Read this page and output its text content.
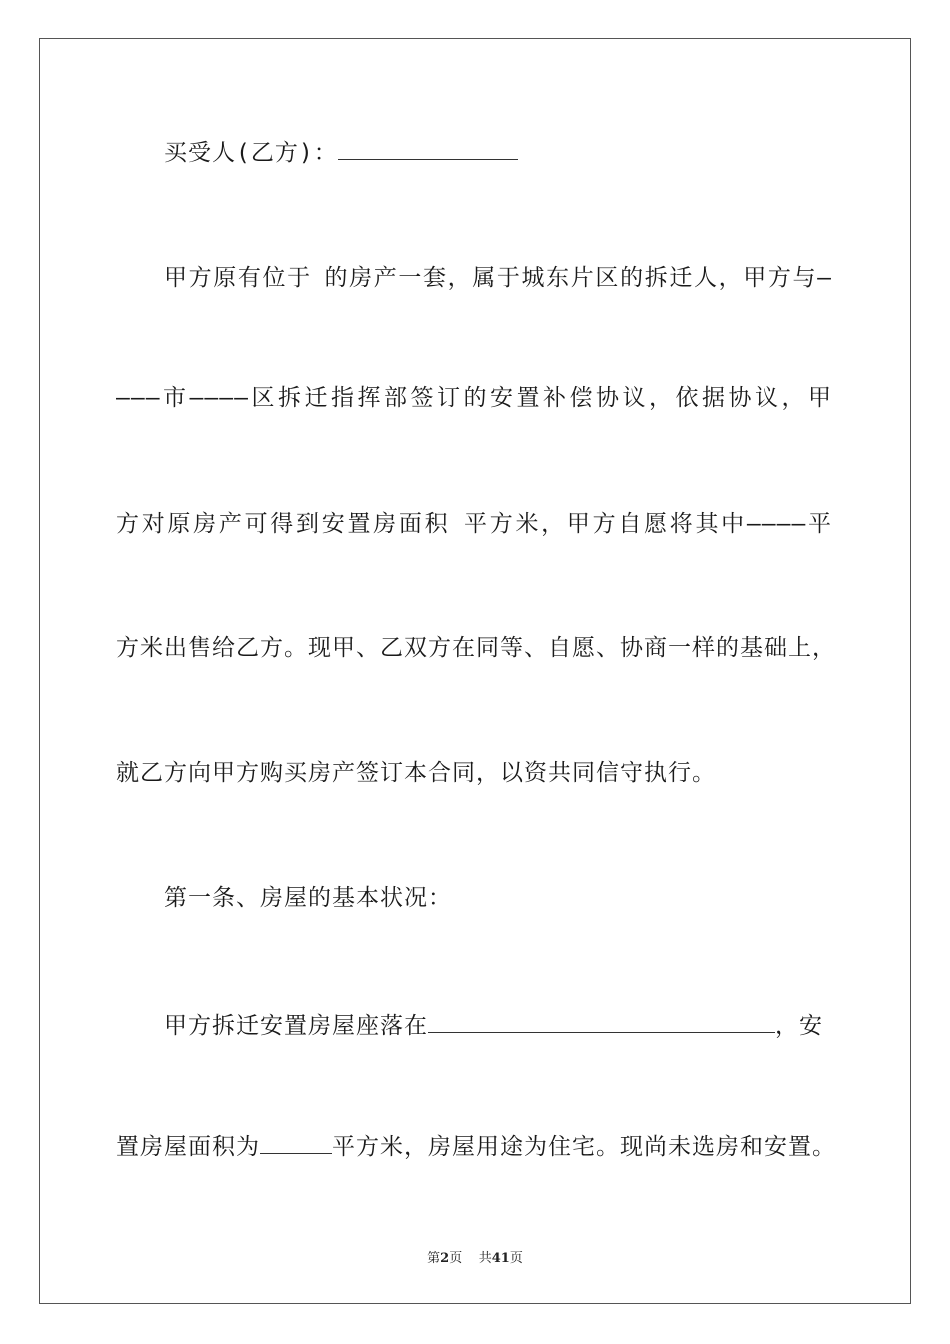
买受人(乙方)：
甲方原有位于 的房产一套，属于城东片区的拆迁人，甲方与—
———市————区拆迁指挥部签订的安置补偿协议，依据协议，甲
方对原房产可得到安置房面积 平方米，甲方自愿将其中————平
方米出售给乙方。现甲、乙双方在同等、自愿、协商一样的基础上，
就乙方向甲方购买房产签订本合同，以资共同信守执行。
第一条、房屋的基本状况：
甲方拆迁安置房屋座落在	，安
置房屋面积为	平方米，房屋用途为住宅。现尚未选房和安置。
第2页 共41页
